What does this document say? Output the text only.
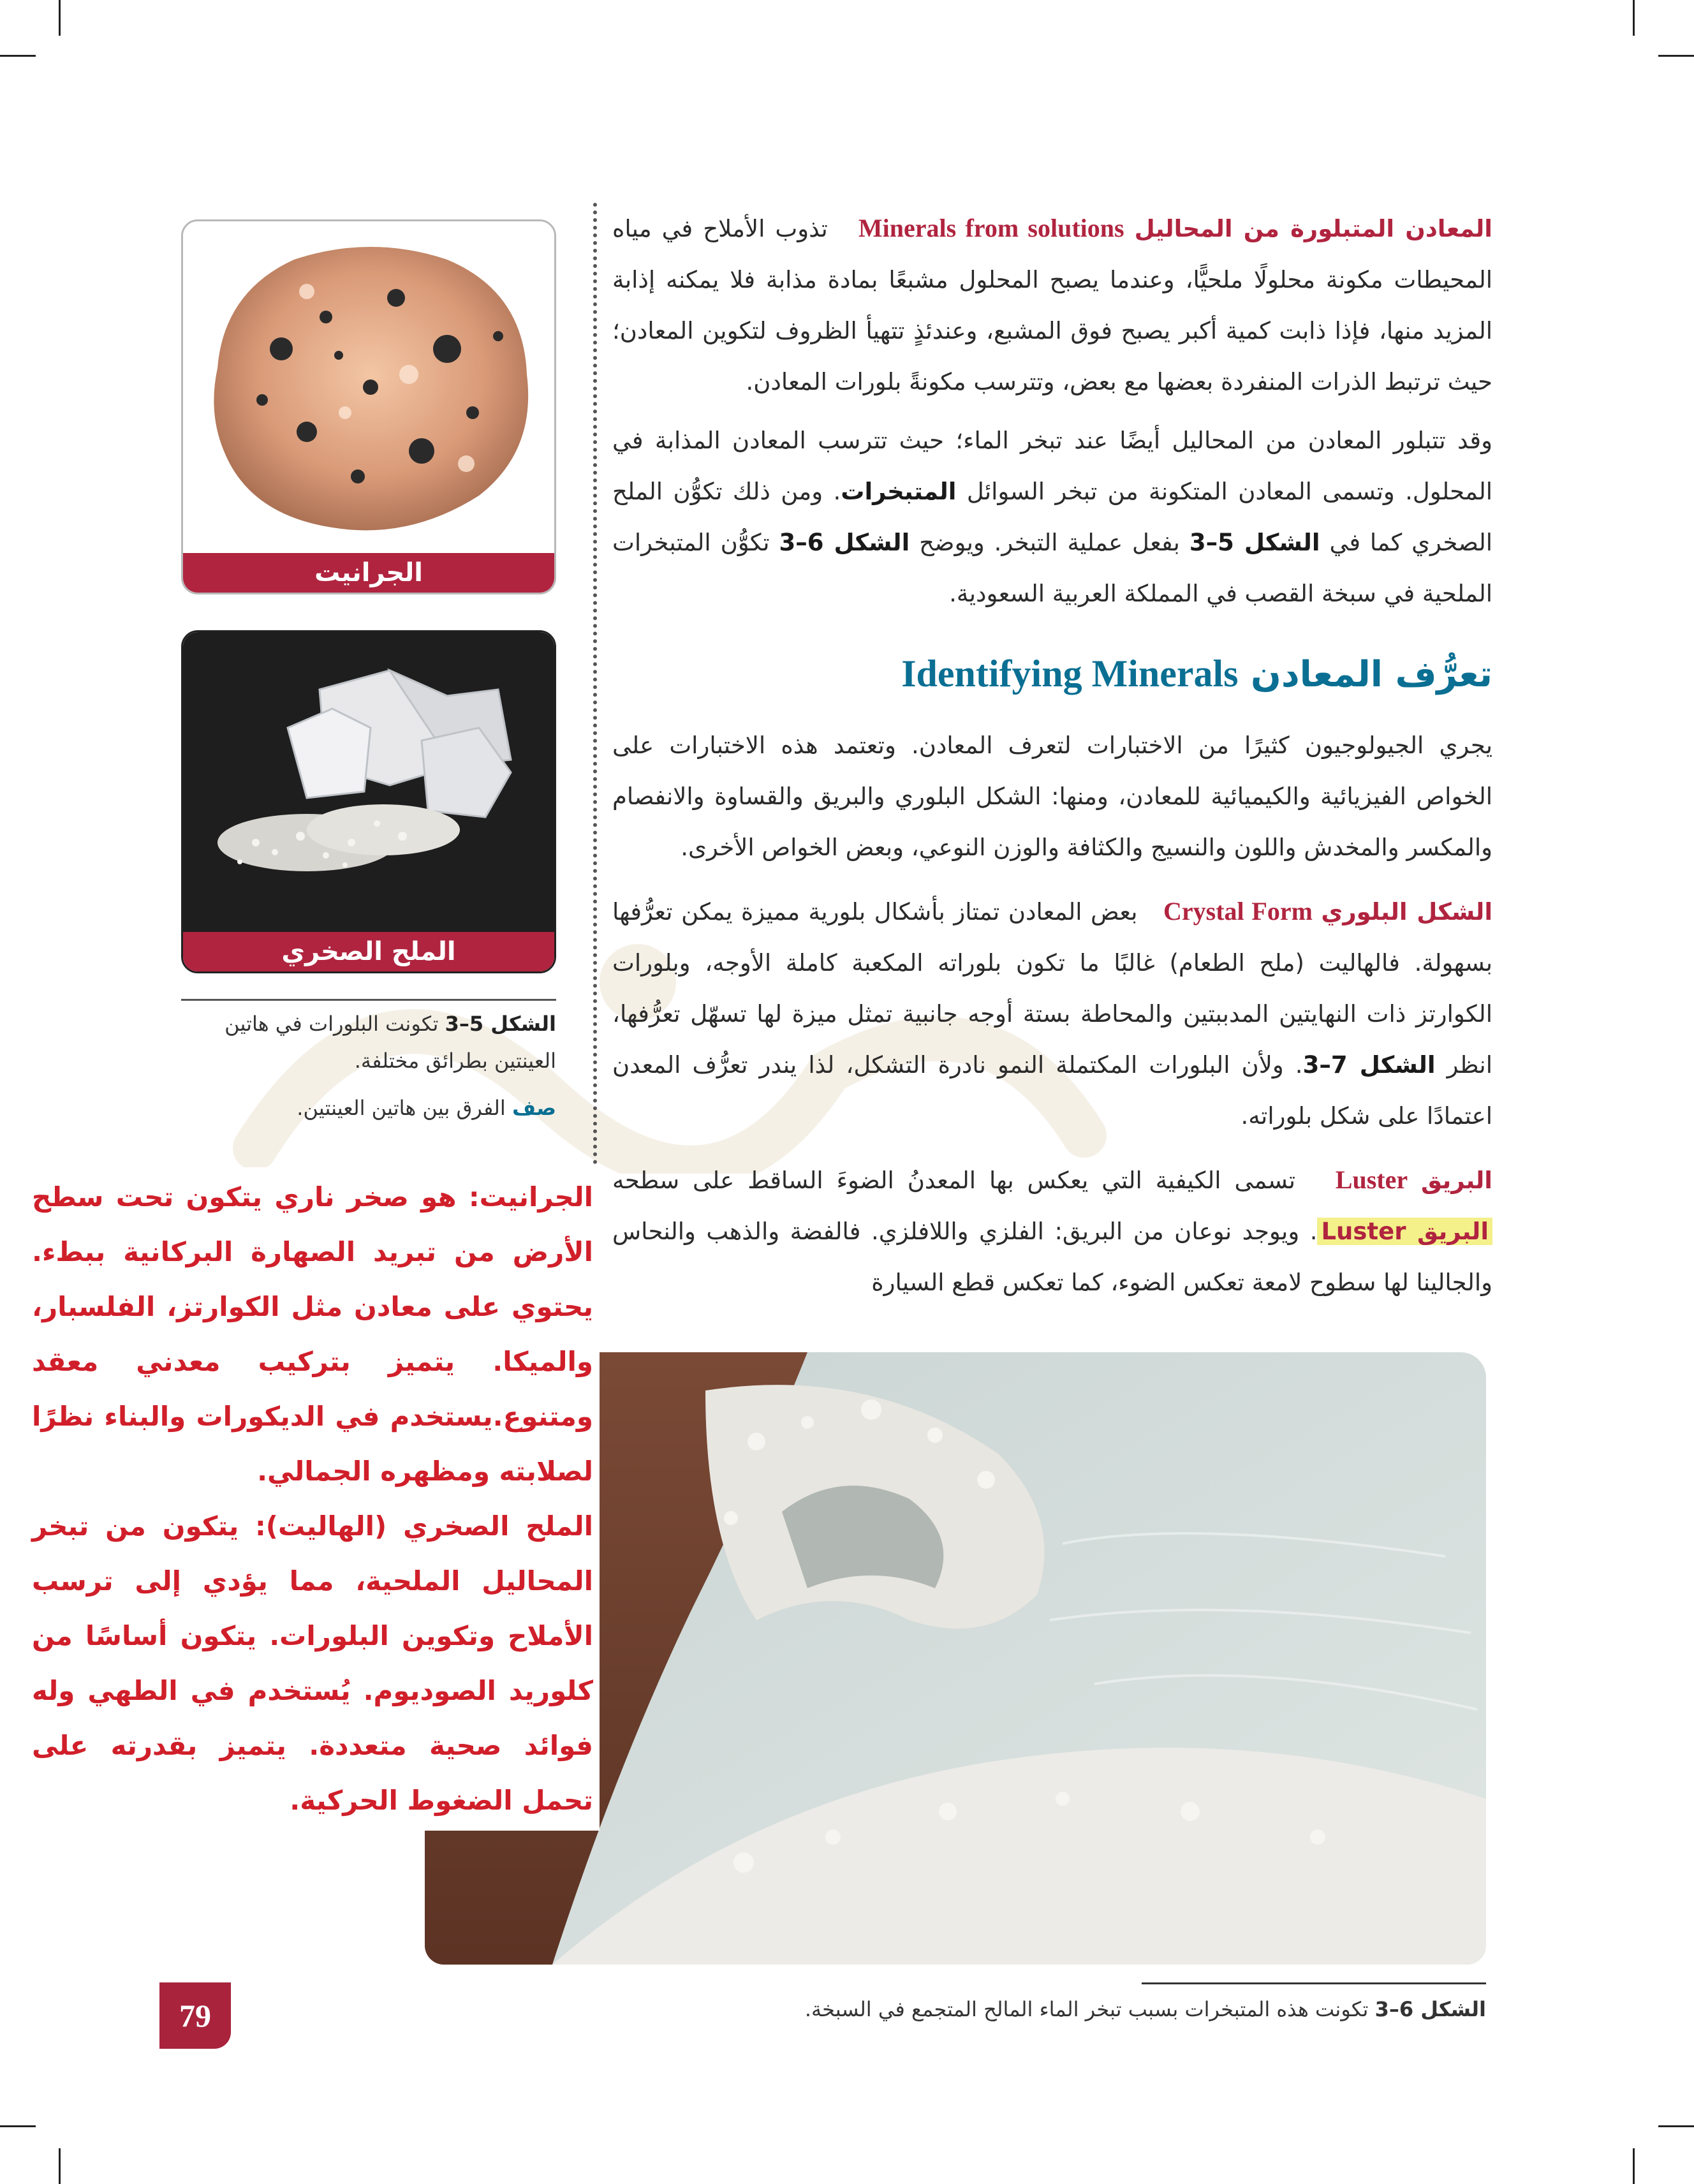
المعادن المتبلورة من المحاليل Minerals from solutions   تذوب الأملاح في مياه المحيطات مكونة محلولًا ملحيًّا، وعندما يصبح المحلول مشبعًا بمادة مذابة فلا يمكنه إذابة المزيد منها، فإذا ذابت كمية أكبر يصبح فوق المشبع، وعندئذٍ تتهيأ الظروف لتكوين المعادن؛ حيث ترتبط الذرات المنفردة بعضها مع بعض، وتترسب مكونةً بلورات المعادن.

وقد تتبلور المعادن من المحاليل أيضًا عند تبخر الماء؛ حيث تترسب المعادن المذابة في المحلول. وتسمى المعادن المتكونة من تبخر السوائل المتبخرات. ومن ذلك تكوُّن الملح الصخري كما في الشكل 5–3 بفعل عملية التبخر. ويوضح الشكل 6–3 تكوُّن المتبخرات الملحية في سبخة القصب في المملكة العربية السعودية.

تعرُّف المعادن Identifying Minerals

يجري الجيولوجيون كثيرًا من الاختبارات لتعرف المعادن. وتعتمد هذه الاختبارات على الخواص الفيزيائية والكيميائية للمعادن، ومنها: الشكل البلوري والبريق والقساوة والانفصام والمكسر والمخدش واللون والنسيج والكثافة والوزن النوعي، وبعض الخواص الأخرى.

الشكل البلوري Crystal Form   بعض المعادن تمتاز بأشكال بلورية مميزة يمكن تعرُّفها بسهولة. فالهاليت (ملح الطعام) غالبًا ما تكون بلوراته المكعبة كاملة الأوجه، وبلورات الكوارتز ذات النهايتين المدببتين والمحاطة بستة أوجه جانبية تمثل ميزة لها تسهّل تعرُّفها، انظر الشكل 7–3. ولأن البلورات المكتملة النمو نادرة التشكل، لذا يندر تعرُّف المعدن اعتمادًا على شكل بلوراته.

البريق Luster   تسمى الكيفية التي يعكس بها المعدنُ الضوءَ الساقط على سطحه البريق Luster. ويوجد نوعان من البريق: الفلزي واللافلزي. فالفضة والذهب والنحاس والجالينا لها سطوح لامعة تعكس الضوء، كما تعكس قطع السيارة

الجرانيت
الملح الصخري
الشكل 5–3 تكونت البلورات في هاتين العينتين بطرائق مختلفة.
صف الفرق بين هاتين العينتين.

الجرانيت: هو صخر ناري يتكون تحت سطح الأرض من تبريد الصهارة البركانية ببطء. يحتوي على معادن مثل الكوارتز، الفلسبار، والميكا. يتميز بتركيب معدني معقد ومتنوع.يستخدم في الديكورات والبناء نظرًا لصلابته ومظهره الجمالي.

الملح الصخري (الهاليت): يتكون من تبخر المحاليل الملحية، مما يؤدي إلى ترسب الأملاح وتكوين البلورات. يتكون أساسًا من كلوريد الصوديوم. يُستخدم في الطهي وله فوائد صحية متعددة. يتميز بقدرته على تحمل الضغوط الحركية.

الشكل 6–3 تكونت هذه المتبخرات بسبب تبخر الماء المالح المتجمع في السبخة.
79
